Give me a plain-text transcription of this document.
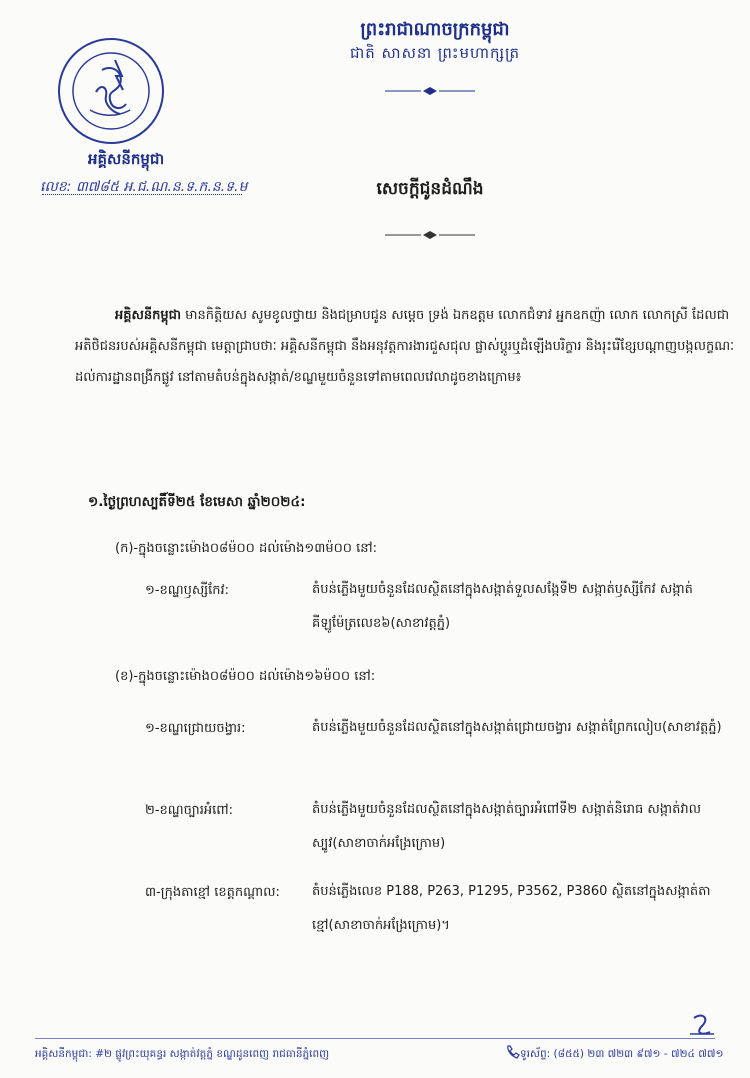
អគ្គិសនីកម្ពុជា
លេខ: ៣៧៨៥ អ.ជ.ណ.ន.ទ.ក.ន.ទ.ម
ព្រះរាជាណាចក្រកម្ពុជា
ជាតិ សាសនា ព្រះមហាក្សត្រ
សេចក្តីជូនដំណឹង
អគ្គិសនីកម្ពុជា មានកិត្តិយស សូមខូលថ្វាយ និងជម្រាបជូន សម្ដេច ទ្រង់ ឯកឧត្តម លោកជំទាវ អ្នកឧកញ៉ា លោក លោកស្រី ដែលជាអតិថិជនរបស់អគ្គិសនីកម្ពុជា មេត្តាជ្រាបថាៈ អគ្គិសនីកម្ពុជា នឹងអនុវត្តការងារជួសជុល ផ្លាស់ប្តូរឬដំឡើងបរិក្ខារ និងរុះរើខ្សែបណ្តាញបង្កលក្ខណៈដល់ការដ្ឋានពង្រីកផ្លូវ នៅតាមតំបន់ក្នុងសង្កាត់/ខណ្ឌមួយចំនួនទៅតាមពេលវេលាដូចខាងក្រោម៖
១.ថ្ងៃព្រហស្បតិ៍ទី២៥ ខែមេសា ឆ្នាំ២០២៤:
(ក)-ក្នុងចន្លោះម៉ោង០៨ម៉០០ ដល់ម៉ោង១៣ម៉០០ នៅ:
១-ខណ្ឌឫស្សីកែវ:	តំបន់ភ្លើងមួយចំនួនដែលស្ថិតនៅក្នុងសង្កាត់ទួលសង្កែទី២ សង្កាត់ឫស្សីកែវ សង្កាត់គីឡូម៉ែត្រលេខ៦(សាខាវត្តភ្នំ)
(ខ)-ក្នុងចន្លោះម៉ោង០៨ម៉០០ ដល់ម៉ោង១៦ម៉០០ នៅ:
១-ខណ្ឌជ្រោយចង្វារ:	តំបន់ភ្លើងមួយចំនួនដែលស្ថិតនៅក្នុងសង្កាត់ជ្រោយចង្វារ សង្កាត់ព្រែកលៀប(សាខាវត្តភ្នំ)
២-ខណ្ឌច្បារអំពៅ:	តំបន់ភ្លើងមួយចំនួនដែលស្ថិតនៅក្នុងសង្កាត់ច្បារអំពៅទី២ សង្កាត់និរោធ សង្កាត់វាលស្បូវ(សាខាចាក់អង្រែក្រោម)
៣-ក្រុងតាខ្មៅ ខេត្តកណ្តាល: តំបន់ភ្លើងលេខ P188, P263, P1295, P3562, P3860 ស្ថិតនៅក្នុងសង្កាត់តាខ្មៅ(សាខាចាក់អង្រែក្រោម)។
អគ្គិសនីកម្ពុជា: #២ ផ្លូវព្រះយុគន្ធរ សង្កាត់វត្តភ្នំ ខណ្ឌដូនពេញ រាជធានីភ្នំពេញ	ទូរស័ព្ទ: (៨៥៥) ២៣ ៧២៣ ៩៧១ - ៧២៤ ៧៧១
